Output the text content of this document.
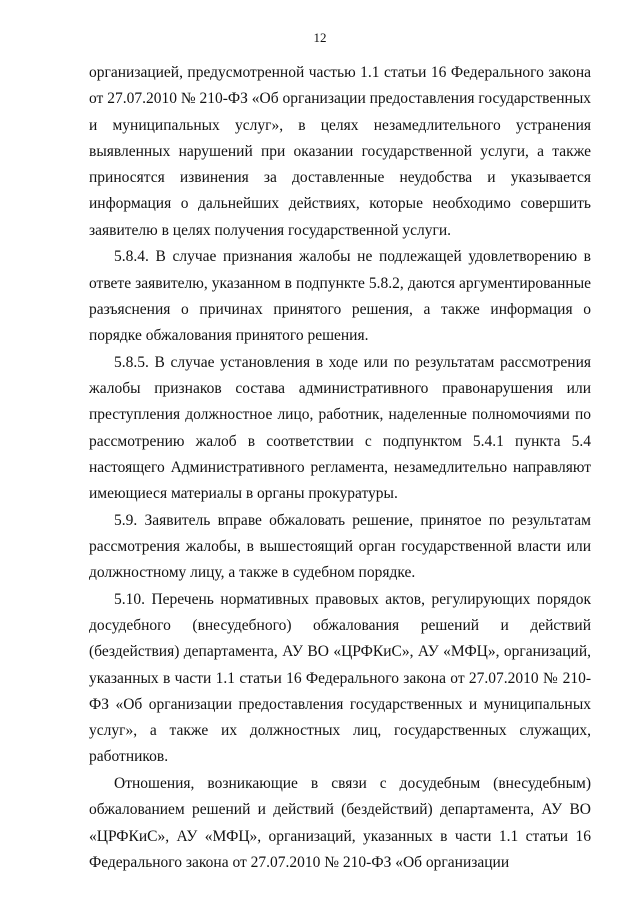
12

организацией, предусмотренной частью 1.1 статьи 16 Федерального закона от 27.07.2010 № 210-ФЗ «Об организации предоставления государственных и муниципальных услуг», в целях незамедлительного устранения выявленных нарушений при оказании государственной услуги, а также приносятся извинения за доставленные неудобства и указывается информация о дальнейших действиях, которые необходимо совершить заявителю в целях получения государственной услуги.

5.8.4. В случае признания жалобы не подлежащей удовлетворению в ответе заявителю, указанном в подпункте 5.8.2, даются аргументированные разъяснения о причинах принятого решения, а также информация о порядке обжалования принятого решения.

5.8.5. В случае установления в ходе или по результатам рассмотрения жалобы признаков состава административного правонарушения или преступления должностное лицо, работник, наделенные полномочиями по рассмотрению жалоб в соответствии с подпунктом 5.4.1 пункта 5.4 настоящего Административного регламента, незамедлительно направляют имеющиеся материалы в органы прокуратуры.

5.9. Заявитель вправе обжаловать решение, принятое по результатам рассмотрения жалобы, в вышестоящий орган государственной власти или должностному лицу, а также в судебном порядке.

5.10. Перечень нормативных правовых актов, регулирующих порядок досудебного (внесудебного) обжалования решений и действий (бездействия) департамента, АУ ВО «ЦРФКиС», АУ «МФЦ», организаций, указанных в части 1.1 статьи 16 Федерального закона от 27.07.2010 № 210-ФЗ «Об организации предоставления государственных и муниципальных услуг», а также их должностных лиц, государственных служащих, работников.

Отношения, возникающие в связи с досудебным (внесудебным) обжалованием решений и действий (бездействий) департамента, АУ ВО «ЦРФКиС», АУ «МФЦ», организаций, указанных в части 1.1 статьи 16 Федерального закона от 27.07.2010 № 210-ФЗ «Об организации
